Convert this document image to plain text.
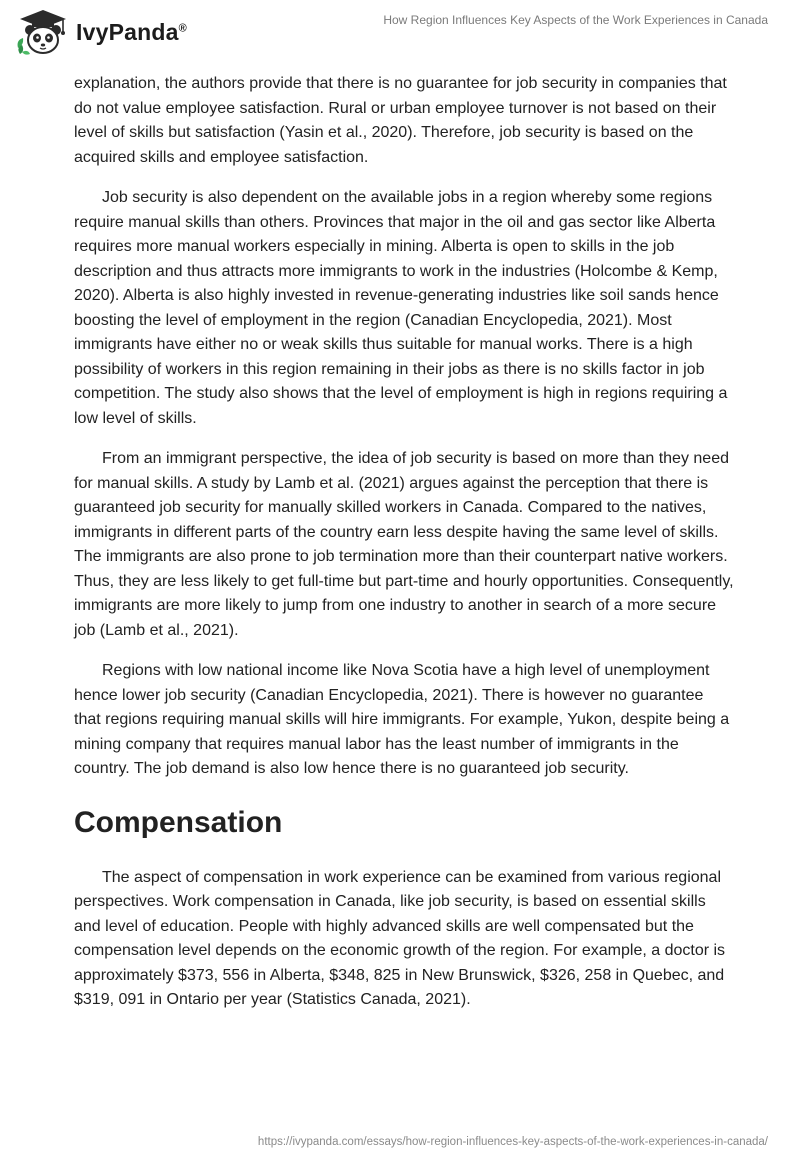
IvyPanda®
How Region Influences Key Aspects of the Work Experiences in Canada

explanation, the authors provide that there is no guarantee for job security in companies that do not value employee satisfaction. Rural or urban employee turnover is not based on their level of skills but satisfaction (Yasin et al., 2020). Therefore, job security is based on the acquired skills and employee satisfaction.

Job security is also dependent on the available jobs in a region whereby some regions require manual skills than others. Provinces that major in the oil and gas sector like Alberta requires more manual workers especially in mining. Alberta is open to skills in the job description and thus attracts more immigrants to work in the industries (Holcombe & Kemp, 2020). Alberta is also highly invested in revenue-generating industries like soil sands hence boosting the level of employment in the region (Canadian Encyclopedia, 2021). Most immigrants have either no or weak skills thus suitable for manual works. There is a high possibility of workers in this region remaining in their jobs as there is no skills factor in job competition. The study also shows that the level of employment is high in regions requiring a low level of skills.

From an immigrant perspective, the idea of job security is based on more than they need for manual skills. A study by Lamb et al. (2021) argues against the perception that there is guaranteed job security for manually skilled workers in Canada. Compared to the natives, immigrants in different parts of the country earn less despite having the same level of skills. The immigrants are also prone to job termination more than their counterpart native workers. Thus, they are less likely to get full-time but part-time and hourly opportunities. Consequently, immigrants are more likely to jump from one industry to another in search of a more secure job (Lamb et al., 2021).

Regions with low national income like Nova Scotia have a high level of unemployment hence lower job security (Canadian Encyclopedia, 2021). There is however no guarantee that regions requiring manual skills will hire immigrants. For example, Yukon, despite being a mining company that requires manual labor has the least number of immigrants in the country. The job demand is also low hence there is no guaranteed job security.

Compensation

The aspect of compensation in work experience can be examined from various regional perspectives. Work compensation in Canada, like job security, is based on essential skills and level of education. People with highly advanced skills are well compensated but the compensation level depends on the economic growth of the region. For example, a doctor is approximately $373, 556 in Alberta, $348, 825 in New Brunswick, $326, 258 in Quebec, and $319, 091 in Ontario per year (Statistics Canada, 2021).

https://ivypanda.com/essays/how-region-influences-key-aspects-of-the-work-experiences-in-canada/
